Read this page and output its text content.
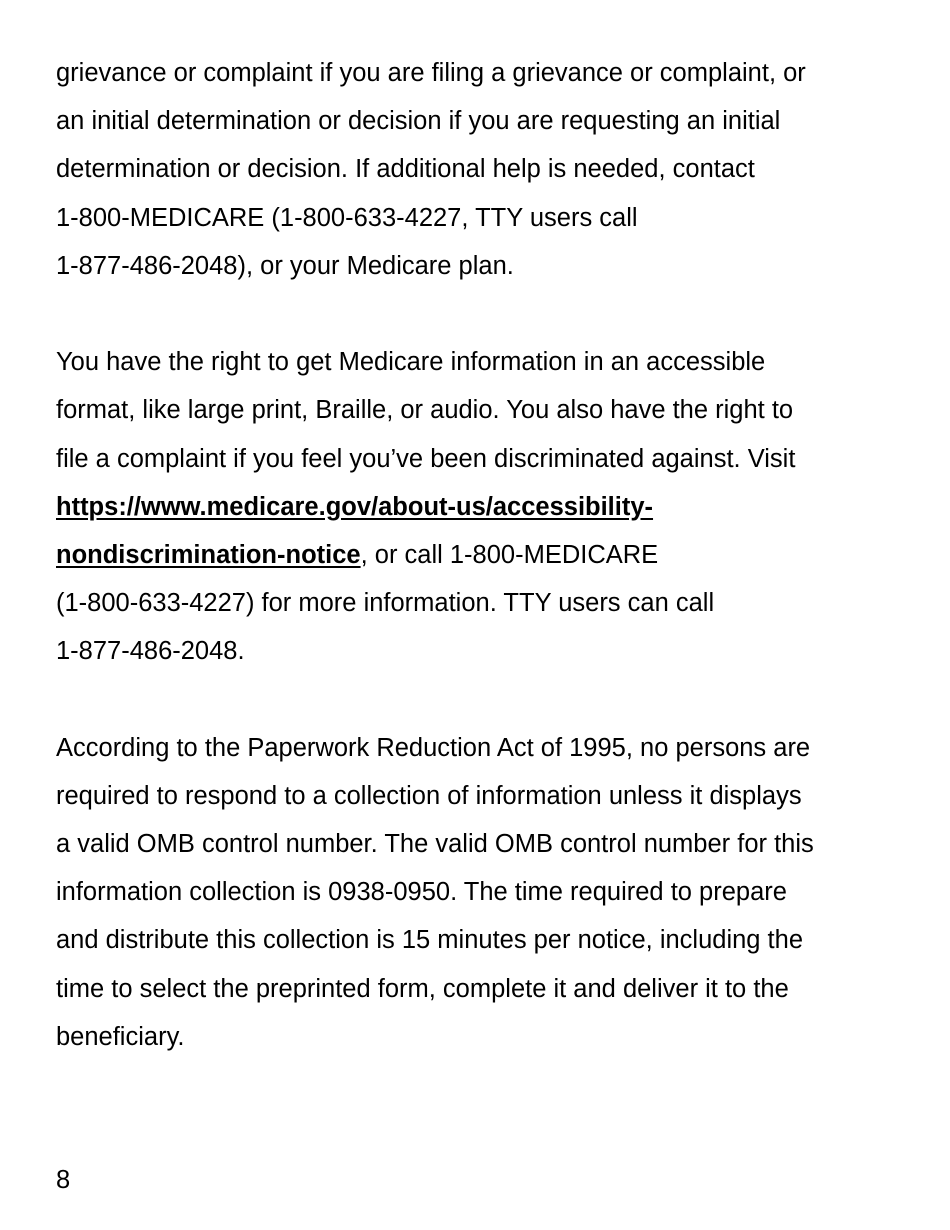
grievance or complaint if you are filing a grievance or complaint, or
an initial determination or decision if you are requesting an initial
determination or decision. If additional help is needed, contact
1-800-MEDICARE (1-800-633-4227, TTY users call
1-877-486-2048), or your Medicare plan.
You have the right to get Medicare information in an accessible
format, like large print, Braille, or audio. You also have the right to
file a complaint if you feel you’ve been discriminated against. Visit
https://www.medicare.gov/about-us/accessibility-
nondiscrimination-notice, or call 1-800-MEDICARE
(1-800-633-4227) for more information. TTY users can call
1-877-486-2048.
According to the Paperwork Reduction Act of 1995, no persons are
required to respond to a collection of information unless it displays
a valid OMB control number. The valid OMB control number for this
information collection is 0938-0950. The time required to prepare
and distribute this collection is 15 minutes per notice, including the
time to select the preprinted form, complete it and deliver it to the
beneficiary.
8
